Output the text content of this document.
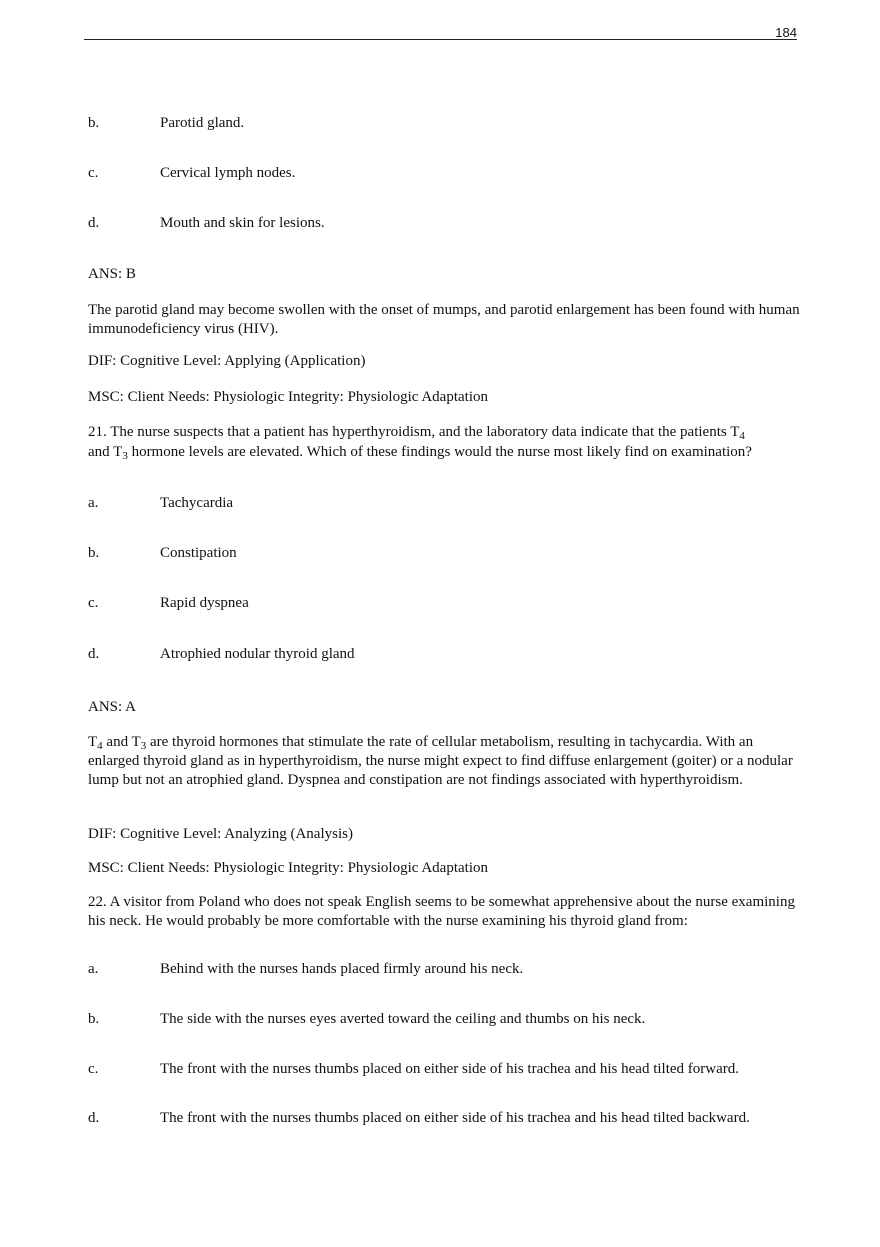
184
b.	Parotid gland.
c.	Cervical lymph nodes.
d.	Mouth and skin for lesions.
ANS: B
The parotid gland may become swollen with the onset of mumps, and parotid enlargement has been found with human immunodeficiency virus (HIV).
DIF: Cognitive Level: Applying (Application)
MSC: Client Needs: Physiologic Integrity: Physiologic Adaptation
21. The nurse suspects that a patient has hyperthyroidism, and the laboratory data indicate that the patients $T_4$
and $T_3$ hormone levels are elevated. Which of these findings would the nurse most likely find on examination?
a.	Tachycardia
b.	Constipation
c.	Rapid dyspnea
d.	Atrophied nodular thyroid gland
ANS: A
$T_4$ and $T_3$ are thyroid hormones that stimulate the rate of cellular metabolism, resulting in tachycardia. With an enlarged thyroid gland as in hyperthyroidism, the nurse might expect to find diffuse enlargement (goiter) or a nodular lump but not an atrophied gland. Dyspnea and constipation are not findings associated with hyperthyroidism.
DIF: Cognitive Level: Analyzing (Analysis)
MSC: Client Needs: Physiologic Integrity: Physiologic Adaptation
22. A visitor from Poland who does not speak English seems to be somewhat apprehensive about the nurse examining his neck. He would probably be more comfortable with the nurse examining his thyroid gland from:
a.	Behind with the nurses hands placed firmly around his neck.
b.	The side with the nurses eyes averted toward the ceiling and thumbs on his neck.
c.	The front with the nurses thumbs placed on either side of his trachea and his head tilted forward.
d.	The front with the nurses thumbs placed on either side of his trachea and his head tilted backward.
